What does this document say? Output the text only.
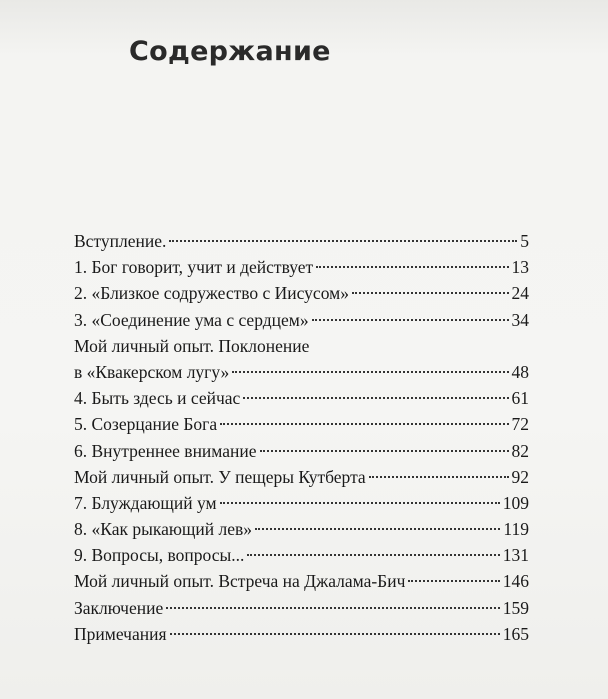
Содержание
Вступление.	5
1. Бог говорит, учит и действует	13
2. «Близкое содружество с Иисусом»	24
3. «Соединение ума с сердцем»	34
Мой личный опыт. Поклонение
в «Квакерском лугу»	48
4. Быть здесь и сейчас	61
5. Созерцание Бога	72
6. Внутреннее внимание	82
Мой личный опыт. У пещеры Кутберта	92
7. Блуждающий ум	109
8. «Как рыкающий лев»	119
9. Вопросы, вопросы...	131
Мой личный опыт. Встреча на Джалама-Бич	146
Заключение	159
Примечания	165
